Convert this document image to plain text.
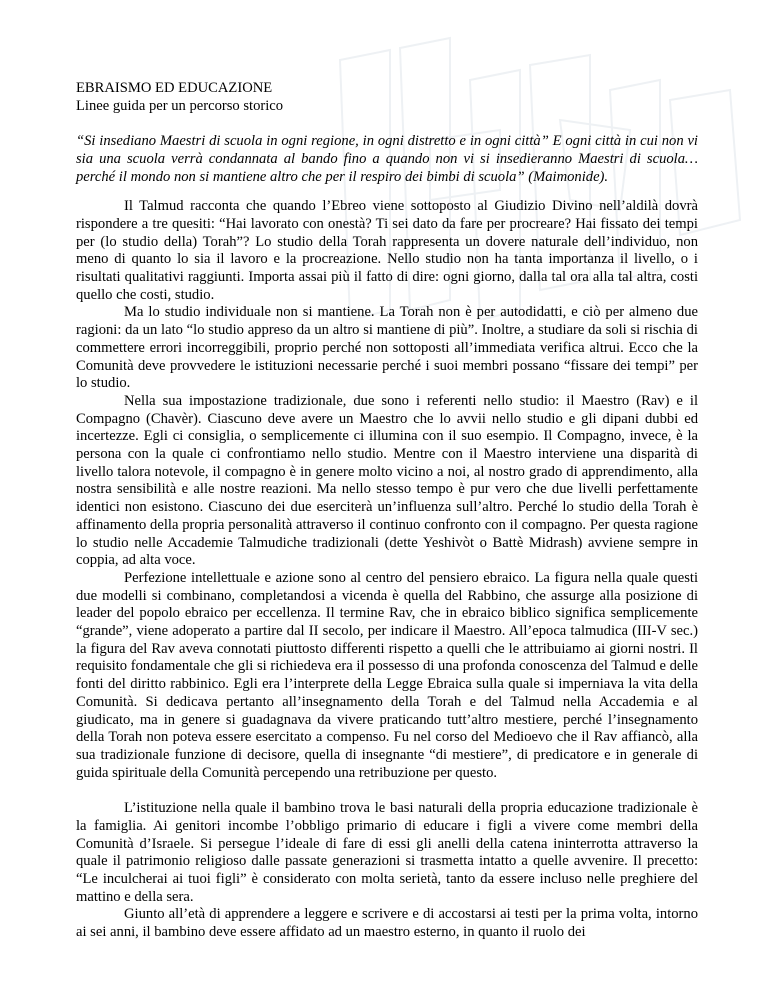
EBRAISMO ED EDUCAZIONE
Linee guida per un percorso storico

“Si insediano Maestri di scuola in ogni regione, in ogni distretto e in ogni città” E ogni città in cui non vi sia una scuola verrà condannata al bando fino a quando non vi si insedieranno Maestri di scuola… perché il mondo non si mantiene altro che per il respiro dei bimbi di scuola” (Maimonide).

Il Talmud racconta che quando l’Ebreo viene sottoposto al Giudizio Divino nell’aldilà dovrà rispondere a tre quesiti: “Hai lavorato con onestà? Ti sei dato da fare per procreare? Hai fissato dei tempi per (lo studio della) Torah”? Lo studio della Torah rappresenta un dovere naturale dell’individuo, non meno di quanto lo sia il lavoro e la procreazione. Nello studio non ha tanta importanza il livello, o i risultati qualitativi raggiunti. Importa assai più il fatto di dire: ogni giorno, dalla tal ora alla tal altra, costi quello che costi, studio.

Ma lo studio individuale non si mantiene. La Torah non è per autodidatti, e ciò per almeno due ragioni: da un lato “lo studio appreso da un altro si mantiene di più”. Inoltre, a studiare da soli si rischia di commettere errori incorreggibili, proprio perché non sottoposti all’immediata verifica altrui. Ecco che la Comunità deve provvedere le istituzioni necessarie perché i suoi membri possano “fissare dei tempi” per lo studio.

Nella sua impostazione tradizionale, due sono i referenti nello studio: il Maestro (Rav) e il Compagno (Chavèr). Ciascuno deve avere un Maestro che lo avvii nello studio e gli dipani dubbi ed incertezze. Egli ci consiglia, o semplicemente ci illumina con il suo esempio. Il Compagno, invece, è la persona con la quale ci confrontiamo nello studio. Mentre con il Maestro interviene una disparità di livello talora notevole, il compagno è in genere molto vicino a noi, al nostro grado di apprendimento, alla nostra sensibilità e alle nostre reazioni. Ma nello stesso tempo è pur vero che due livelli perfettamente identici non esistono. Ciascuno dei due eserciterà un’influenza sull’altro. Perché lo studio della Torah è affinamento della propria personalità attraverso il continuo confronto con il compagno. Per questa ragione lo studio nelle Accademie Talmudiche tradizionali (dette Yeshivòt o Battè Midrash) avviene sempre in coppia, ad alta voce.

Perfezione intellettuale e azione sono al centro del pensiero ebraico. La figura nella quale questi due modelli si combinano, completandosi a vicenda è quella del Rabbino, che assurge alla posizione di leader del popolo ebraico per eccellenza. Il termine Rav, che in ebraico biblico significa semplicemente “grande”, viene adoperato a partire dal II secolo, per indicare il Maestro. All’epoca talmudica (III-V sec.) la figura del Rav aveva connotati piuttosto differenti rispetto a quelli che le attribuiamo ai giorni nostri. Il requisito fondamentale che gli si richiedeva era il possesso di una profonda conoscenza del Talmud e delle fonti del diritto rabbinico. Egli era l’interprete della Legge Ebraica sulla quale si imperniava la vita della Comunità. Si dedicava pertanto all’insegnamento della Torah e del Talmud nella Accademia e al giudicato, ma in genere si guadagnava da vivere praticando tutt’altro mestiere, perché l’insegnamento della Torah non poteva essere esercitato a compenso. Fu nel corso del Medioevo che il Rav affiancò, alla sua tradizionale funzione di decisore, quella di insegnante “di mestiere”, di predicatore e in generale di guida spirituale della Comunità percependo una retribuzione per questo.

L’istituzione nella quale il bambino trova le basi naturali della propria educazione tradizionale è la famiglia. Ai genitori incombe l’obbligo primario di educare i figli a vivere come membri della Comunità d’Israele. Si persegue l’ideale di fare di essi gli anelli della catena ininterrotta attraverso la quale il patrimonio religioso dalle passate generazioni si trasmetta intatto a quelle avvenire. Il precetto: “Le inculcherai ai tuoi figli” è considerato con molta serietà, tanto da essere incluso nelle preghiere del mattino e della sera.

Giunto all’età di apprendere a leggere e scrivere e di accostarsi ai testi per la prima volta, intorno ai sei anni, il bambino deve essere affidato ad un maestro esterno, in quanto il ruolo dei
